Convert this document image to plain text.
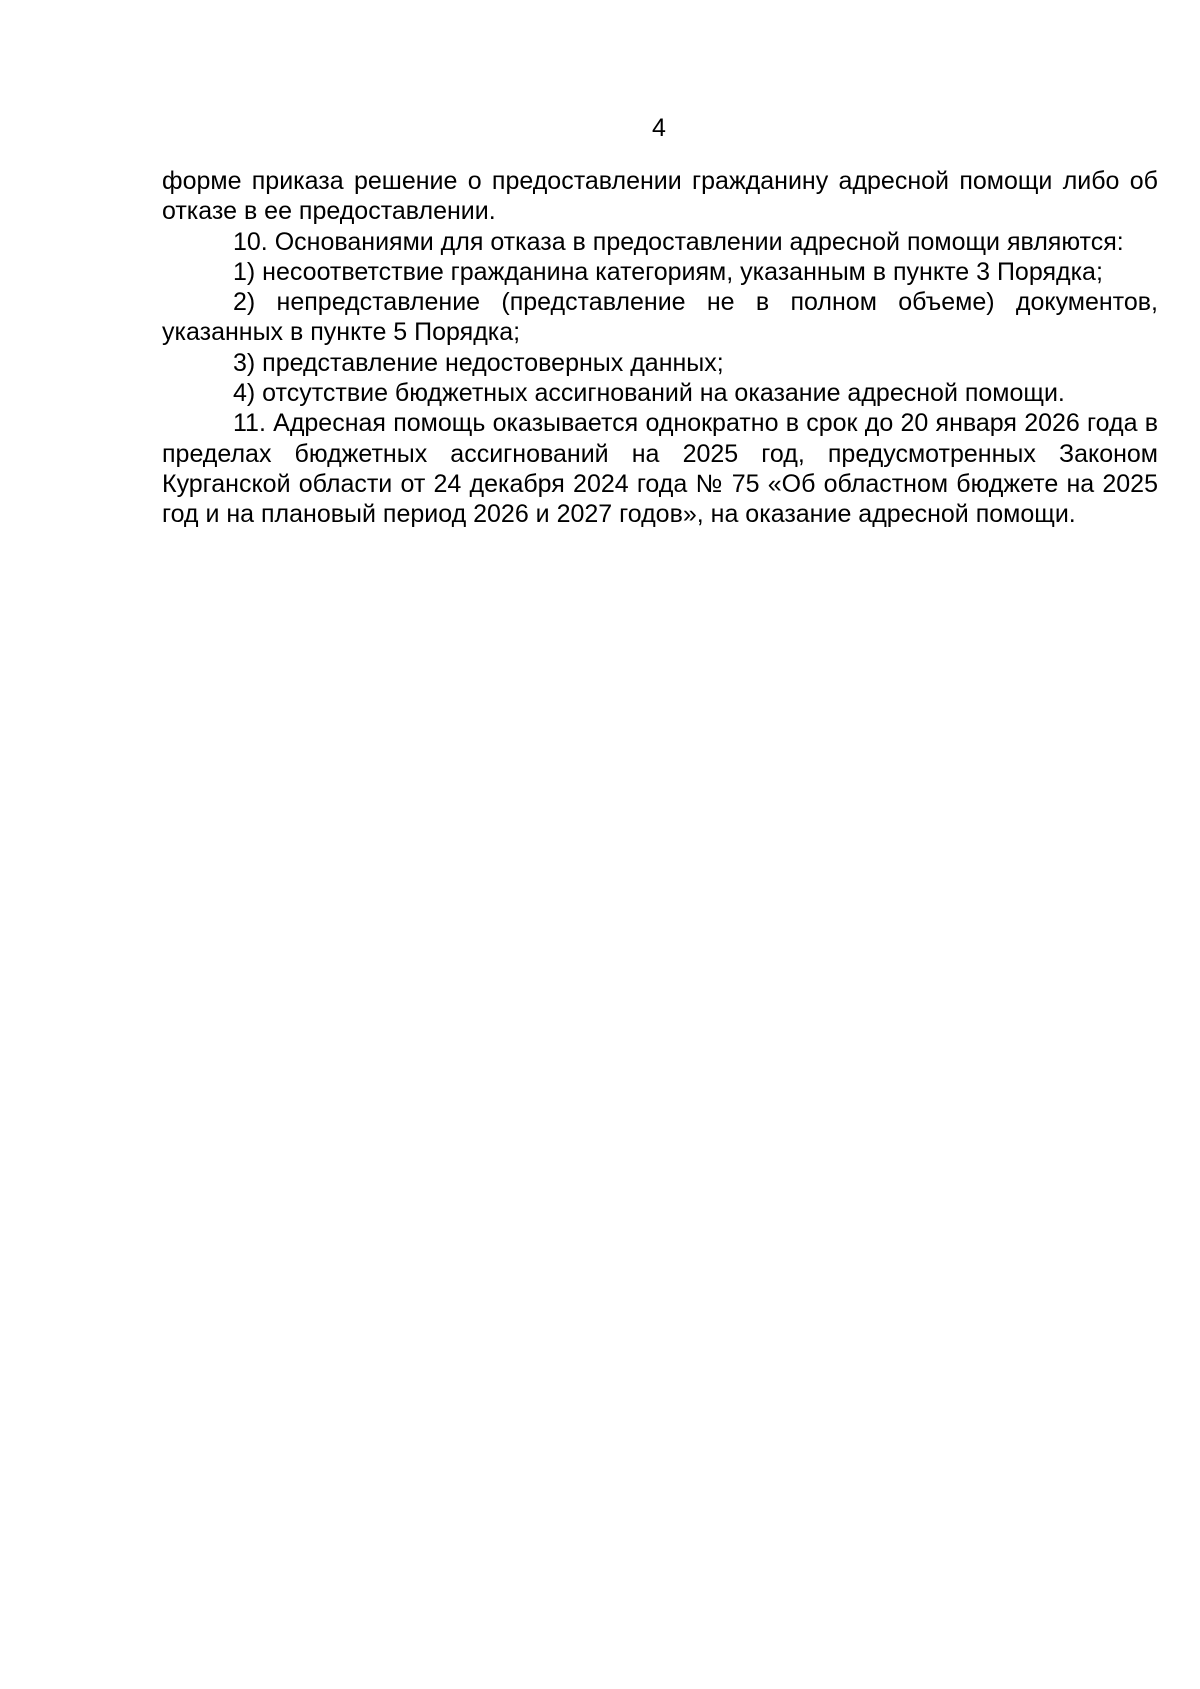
4

форме приказа решение о предоставлении гражданину адресной помощи либо об отказе в ее предоставлении.

10. Основаниями для отказа в предоставлении адресной помощи являются:

1) несоответствие гражданина категориям, указанным в пункте 3 Порядка;

2) непредставление (представление не в полном объеме) документов, указанных в пункте 5 Порядка;

3) представление недостоверных данных;

4) отсутствие бюджетных ассигнований на оказание адресной помощи.

11. Адресная помощь оказывается однократно в срок до 20 января 2026 года в пределах бюджетных ассигнований на 2025 год, предусмотренных Законом Курганской области от 24 декабря 2024 года № 75 «Об областном бюджете на 2025 год и на плановый период 2026 и 2027 годов», на оказание адресной помощи.
